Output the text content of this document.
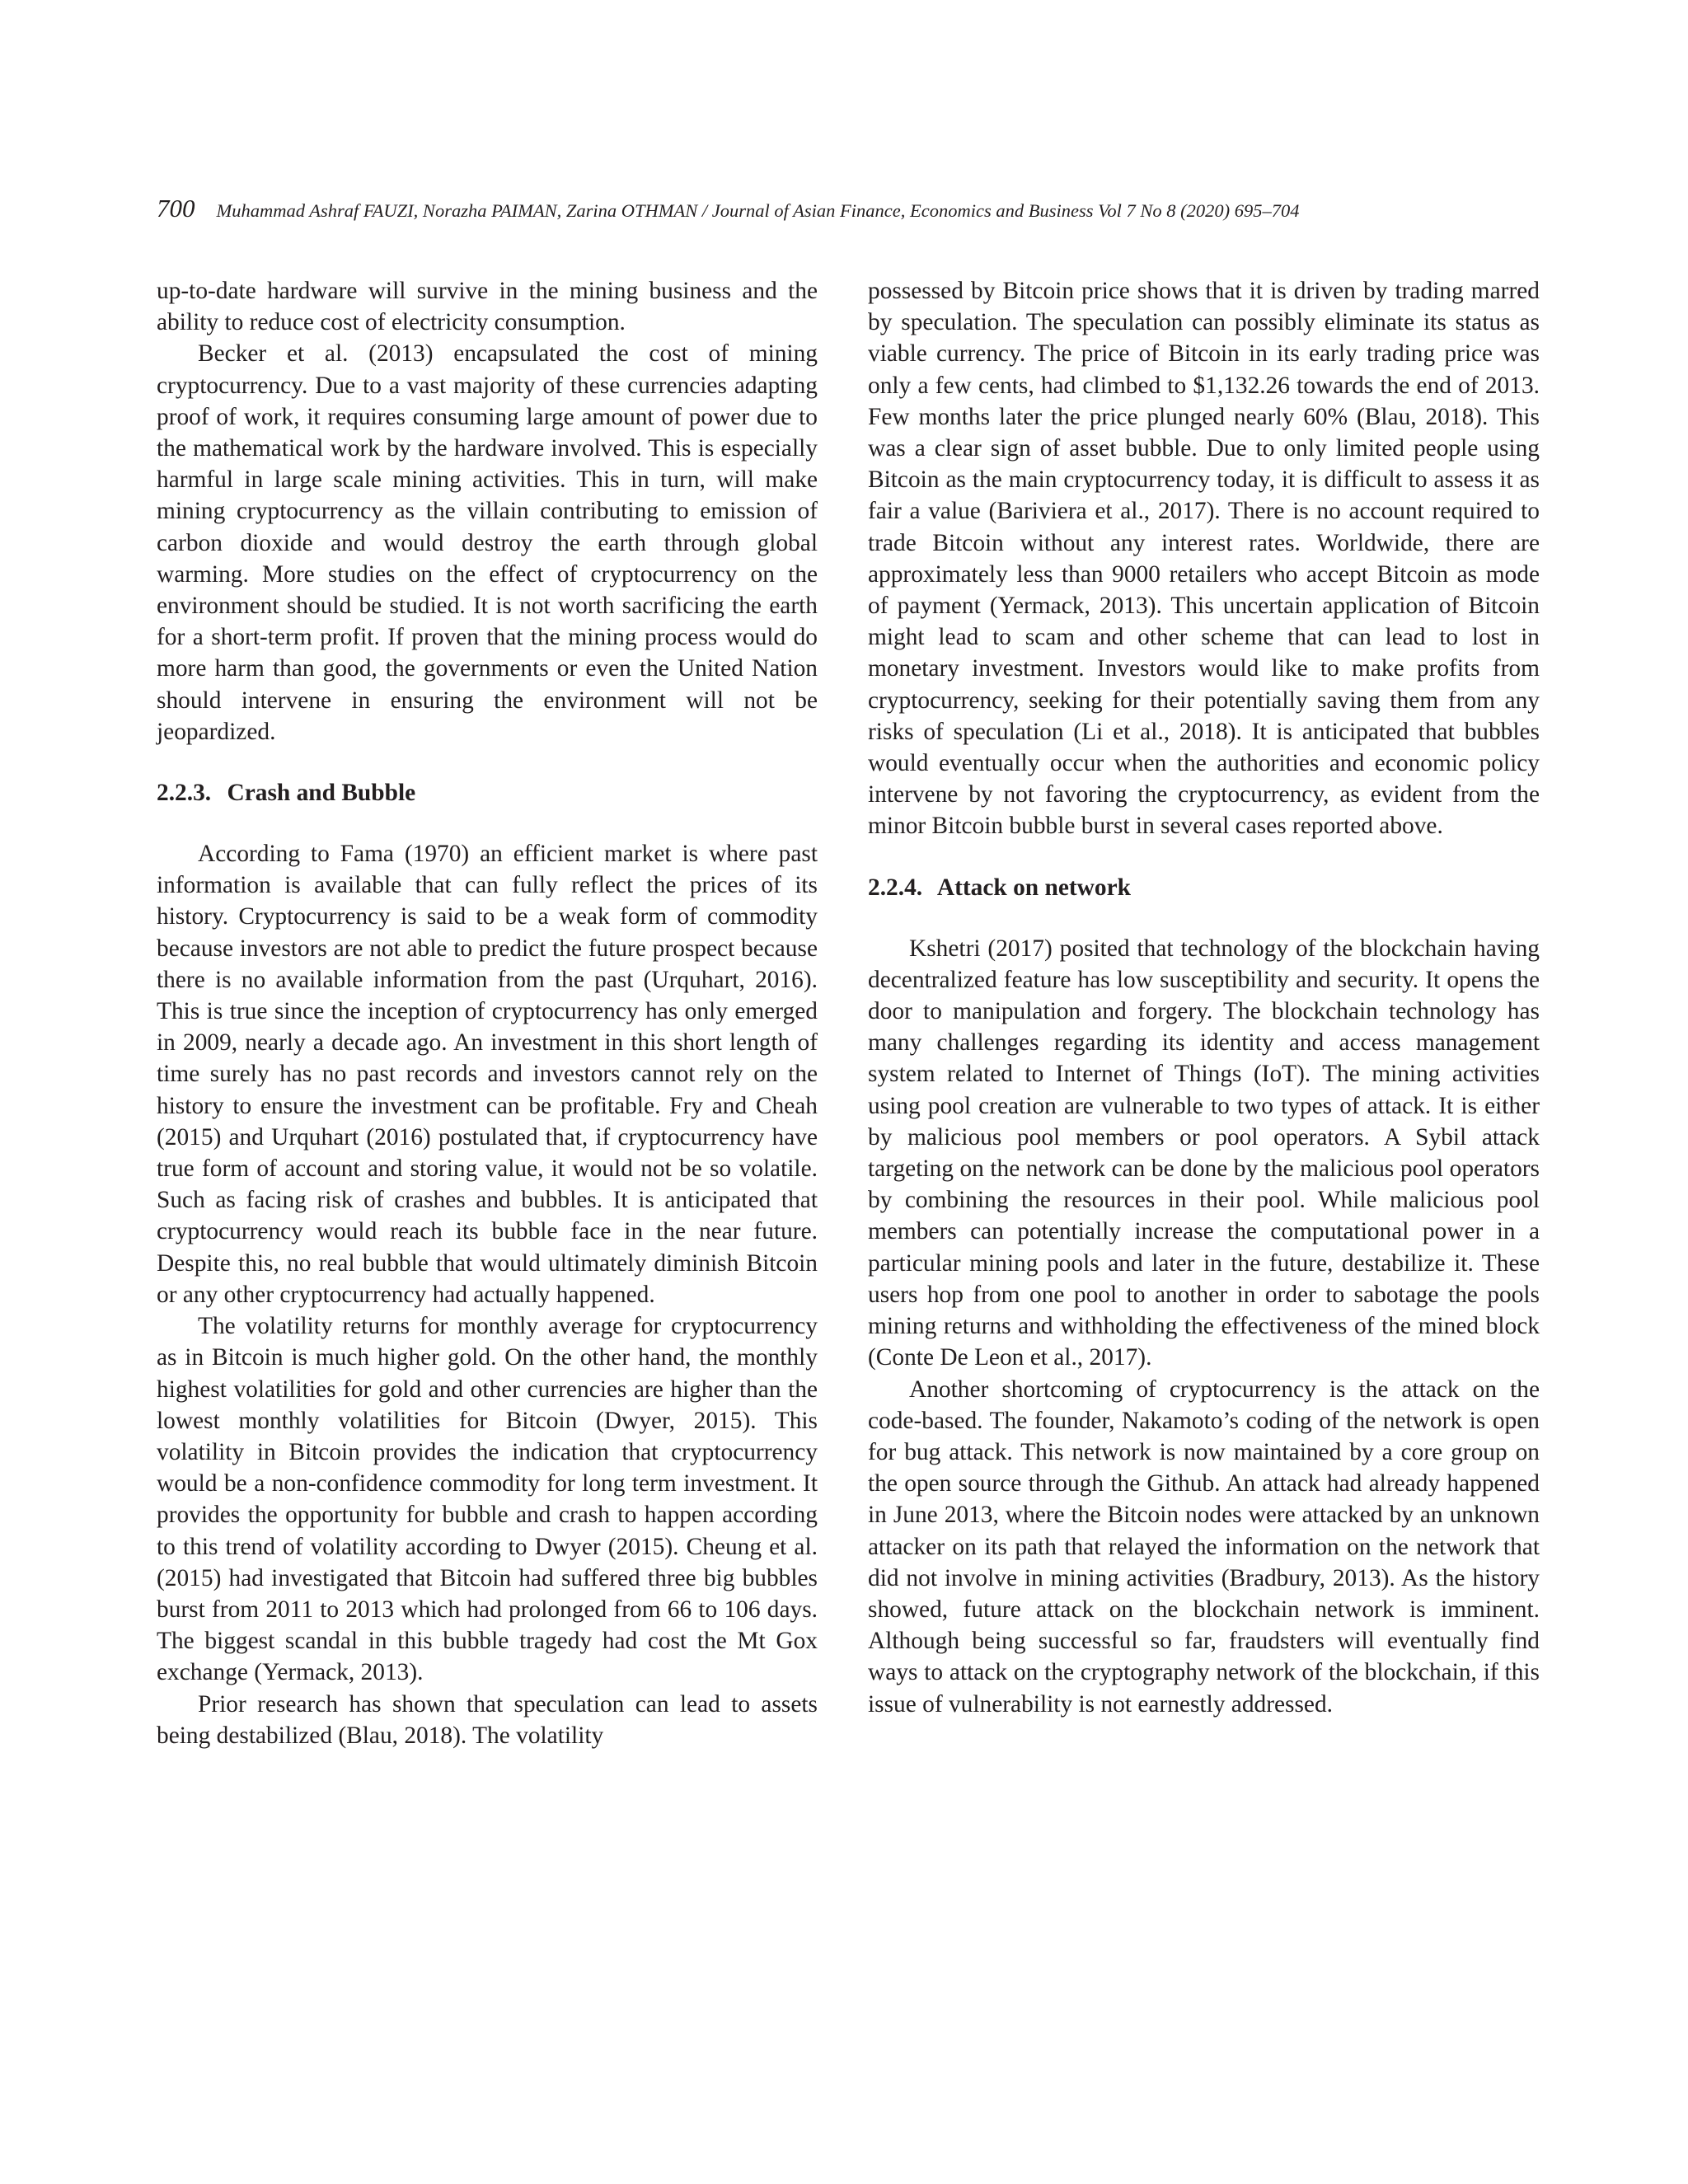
700 Muhammad Ashraf FAUZI, Norazha PAIMAN, Zarina OTHMAN / Journal of Asian Finance, Economics and Business Vol 7 No 8 (2020) 695–704

up-to-date hardware will survive in the mining business and the ability to reduce cost of electricity consumption.

Becker et al. (2013) encapsulated the cost of mining cryptocurrency. Due to a vast majority of these currencies adapting proof of work, it requires consuming large amount of power due to the mathematical work by the hardware involved. This is especially harmful in large scale mining activities. This in turn, will make mining cryptocurrency as the villain contributing to emission of carbon dioxide and would destroy the earth through global warming. More studies on the effect of cryptocurrency on the environment should be studied. It is not worth sacrificing the earth for a short-term profit. If proven that the mining process would do more harm than good, the governments or even the United Nation should intervene in ensuring the environment will not be jeopardized.

2.2.3. Crash and Bubble

According to Fama (1970) an efficient market is where past information is available that can fully reflect the prices of its history. Cryptocurrency is said to be a weak form of commodity because investors are not able to predict the future prospect because there is no available information from the past (Urquhart, 2016). This is true since the inception of cryptocurrency has only emerged in 2009, nearly a decade ago. An investment in this short length of time surely has no past records and investors cannot rely on the history to ensure the investment can be profitable. Fry and Cheah (2015) and Urquhart (2016) postulated that, if cryptocurrency have true form of account and storing value, it would not be so volatile. Such as facing risk of crashes and bubbles. It is anticipated that cryptocurrency would reach its bubble face in the near future. Despite this, no real bubble that would ultimately diminish Bitcoin or any other cryptocurrency had actually happened.

The volatility returns for monthly average for cryptocurrency as in Bitcoin is much higher gold. On the other hand, the monthly highest volatilities for gold and other currencies are higher than the lowest monthly volatilities for Bitcoin (Dwyer, 2015). This volatility in Bitcoin provides the indication that cryptocurrency would be a non-confidence commodity for long term investment. It provides the opportunity for bubble and crash to happen according to this trend of volatility according to Dwyer (2015). Cheung et al. (2015) had investigated that Bitcoin had suffered three big bubbles burst from 2011 to 2013 which had prolonged from 66 to 106 days. The biggest scandal in this bubble tragedy had cost the Mt Gox exchange (Yermack, 2013).

Prior research has shown that speculation can lead to assets being destabilized (Blau, 2018). The volatility

possessed by Bitcoin price shows that it is driven by trading marred by speculation. The speculation can possibly eliminate its status as viable currency. The price of Bitcoin in its early trading price was only a few cents, had climbed to $1,132.26 towards the end of 2013. Few months later the price plunged nearly 60% (Blau, 2018). This was a clear sign of asset bubble. Due to only limited people using Bitcoin as the main cryptocurrency today, it is difficult to assess it as fair a value (Bariviera et al., 2017). There is no account required to trade Bitcoin without any interest rates. Worldwide, there are approximately less than 9000 retailers who accept Bitcoin as mode of payment (Yermack, 2013). This uncertain application of Bitcoin might lead to scam and other scheme that can lead to lost in monetary investment. Investors would like to make profits from cryptocurrency, seeking for their potentially saving them from any risks of speculation (Li et al., 2018). It is anticipated that bubbles would eventually occur when the authorities and economic policy intervene by not favoring the cryptocurrency, as evident from the minor Bitcoin bubble burst in several cases reported above.

2.2.4. Attack on network

Kshetri (2017) posited that technology of the blockchain having decentralized feature has low susceptibility and security. It opens the door to manipulation and forgery. The blockchain technology has many challenges regarding its identity and access management system related to Internet of Things (IoT). The mining activities using pool creation are vulnerable to two types of attack. It is either by malicious pool members or pool operators. A Sybil attack targeting on the network can be done by the malicious pool operators by combining the resources in their pool. While malicious pool members can potentially increase the computational power in a particular mining pools and later in the future, destabilize it. These users hop from one pool to another in order to sabotage the pools mining returns and withholding the effectiveness of the mined block (Conte De Leon et al., 2017).

Another shortcoming of cryptocurrency is the attack on the code-based. The founder, Nakamoto’s coding of the network is open for bug attack. This network is now maintained by a core group on the open source through the Github. An attack had already happened in June 2013, where the Bitcoin nodes were attacked by an unknown attacker on its path that relayed the information on the network that did not involve in mining activities (Bradbury, 2013). As the history showed, future attack on the blockchain network is imminent. Although being successful so far, fraudsters will eventually find ways to attack on the cryptography network of the blockchain, if this issue of vulnerability is not earnestly addressed.
